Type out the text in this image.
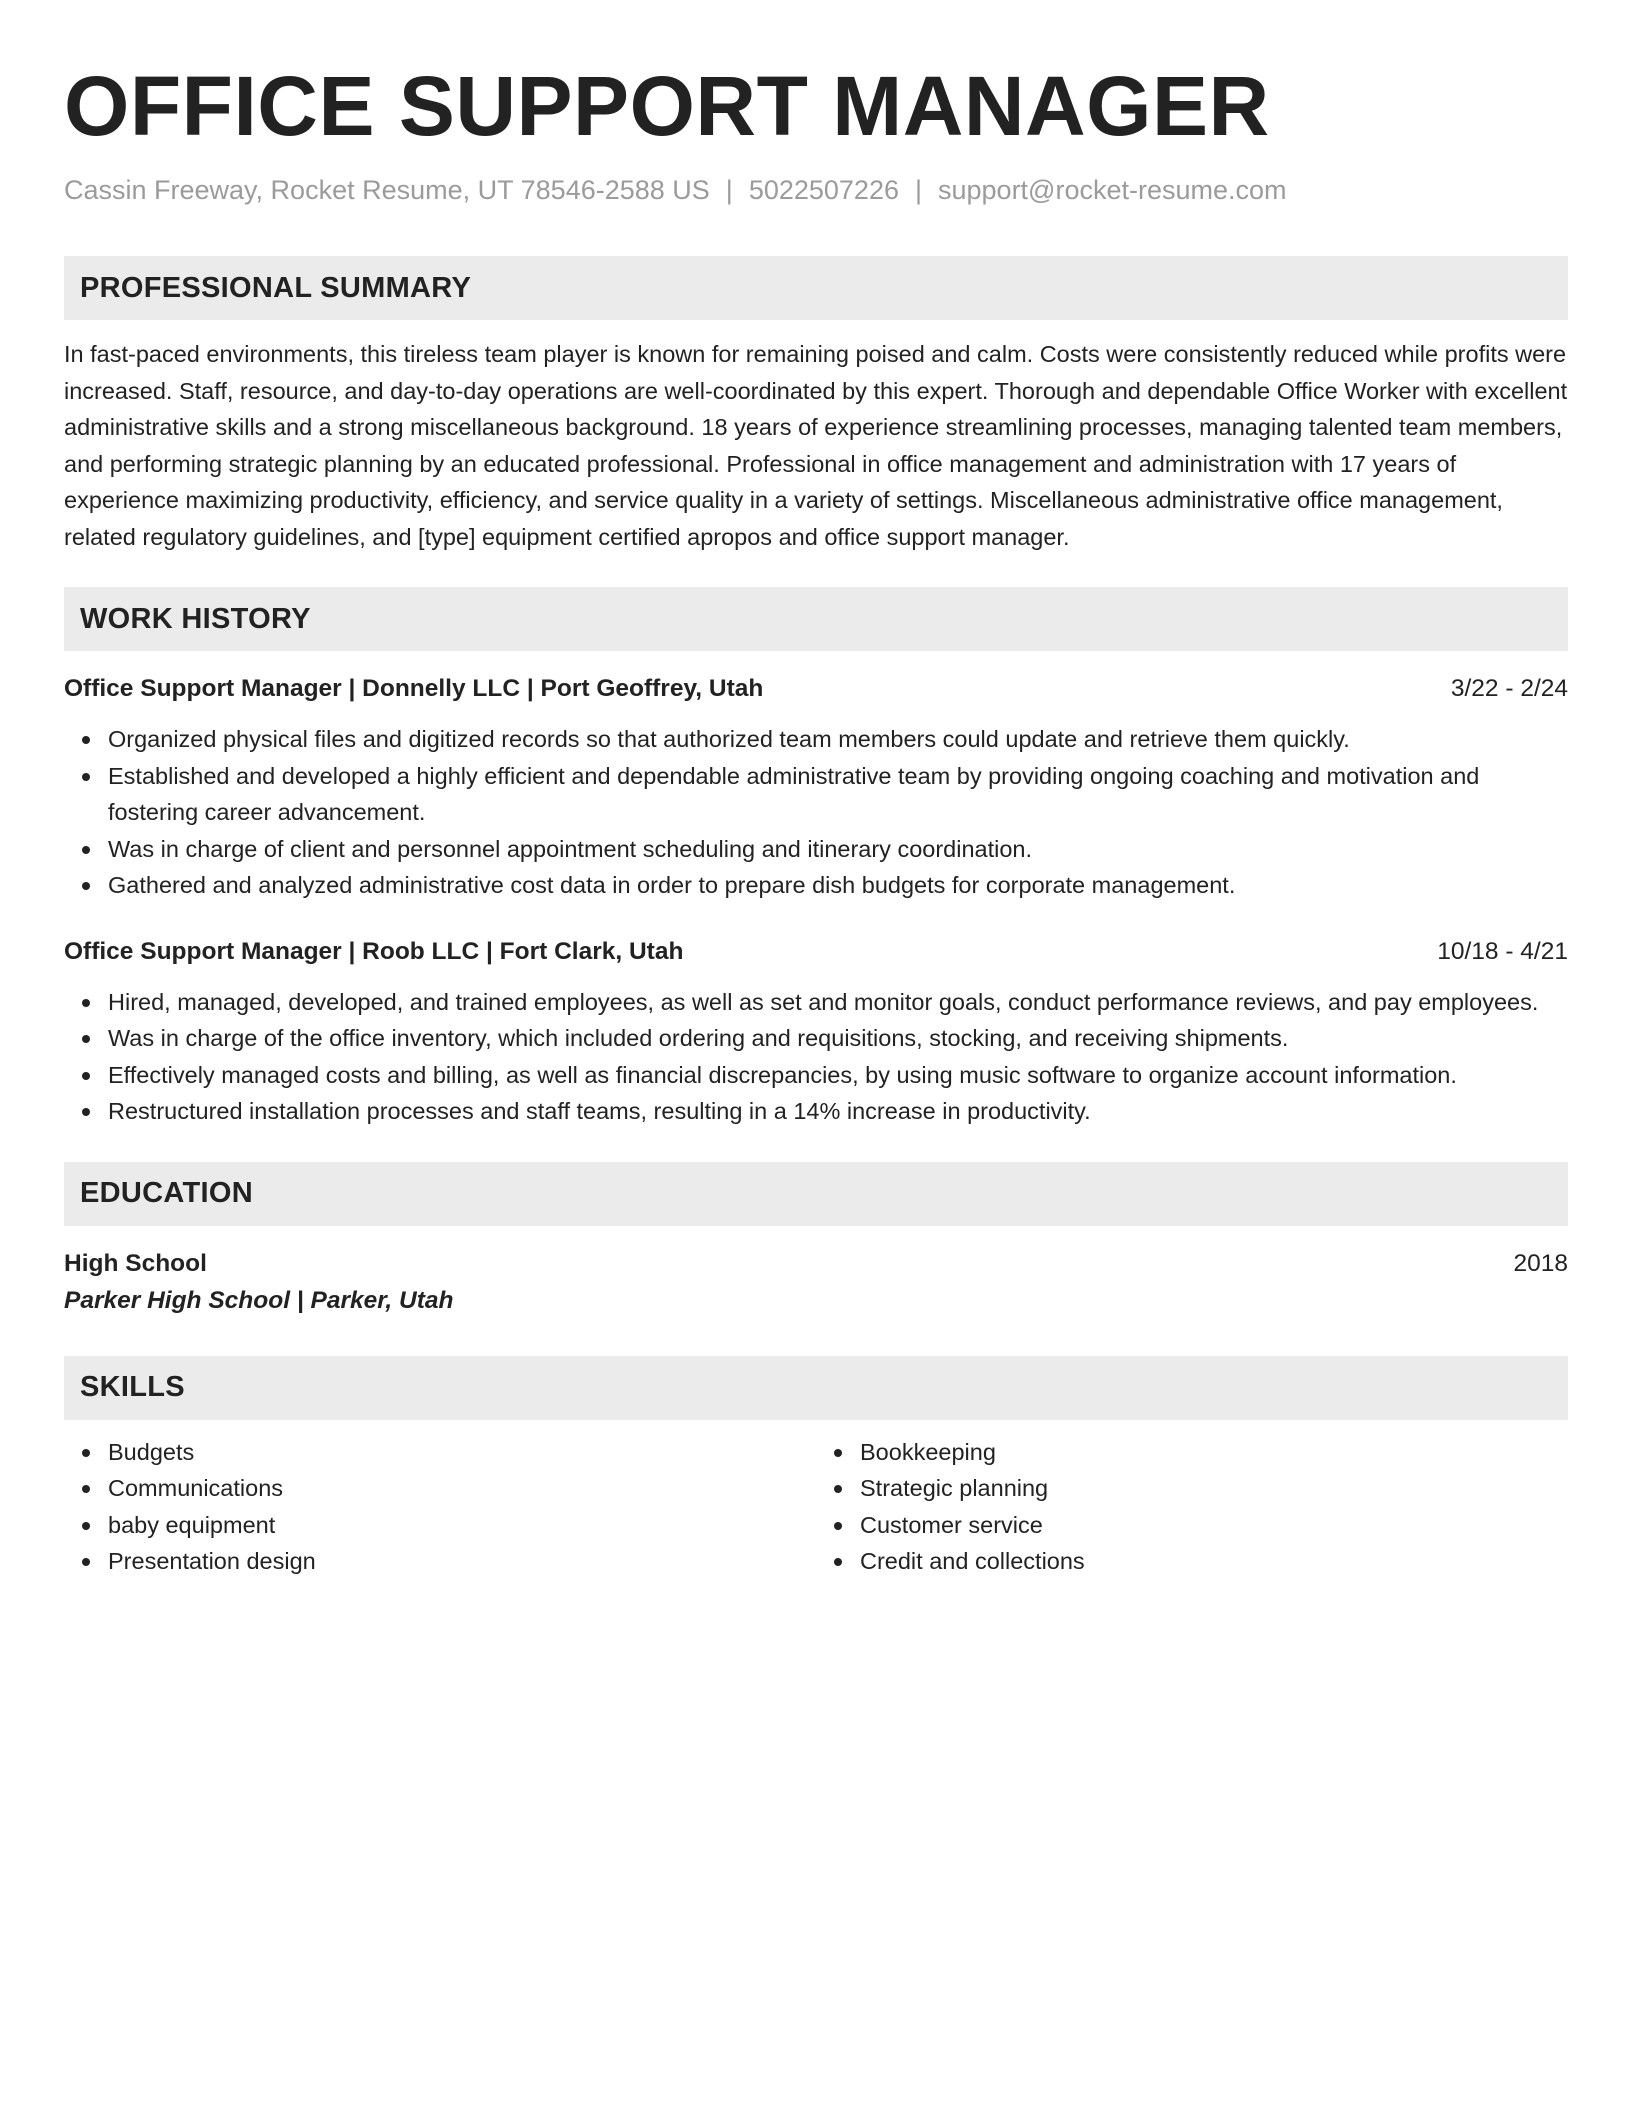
OFFICE SUPPORT MANAGER
Cassin Freeway, Rocket Resume, UT 78546-2588 US | 5022507226 | support@rocket-resume.com
PROFESSIONAL SUMMARY
In fast-paced environments, this tireless team player is known for remaining poised and calm. Costs were consistently reduced while profits were increased. Staff, resource, and day-to-day operations are well-coordinated by this expert. Thorough and dependable Office Worker with excellent administrative skills and a strong miscellaneous background. 18 years of experience streamlining processes, managing talented team members, and performing strategic planning by an educated professional. Professional in office management and administration with 17 years of experience maximizing productivity, efficiency, and service quality in a variety of settings. Miscellaneous administrative office management, related regulatory guidelines, and [type] equipment certified apropos and office support manager.
WORK HISTORY
Office Support Manager | Donnelly LLC | Port Geoffrey, Utah	3/22 - 2/24
Organized physical files and digitized records so that authorized team members could update and retrieve them quickly.
Established and developed a highly efficient and dependable administrative team by providing ongoing coaching and motivation and fostering career advancement.
Was in charge of client and personnel appointment scheduling and itinerary coordination.
Gathered and analyzed administrative cost data in order to prepare dish budgets for corporate management.
Office Support Manager | Roob LLC | Fort Clark, Utah	10/18 - 4/21
Hired, managed, developed, and trained employees, as well as set and monitor goals, conduct performance reviews, and pay employees.
Was in charge of the office inventory, which included ordering and requisitions, stocking, and receiving shipments.
Effectively managed costs and billing, as well as financial discrepancies, by using music software to organize account information.
Restructured installation processes and staff teams, resulting in a 14% increase in productivity.
EDUCATION
High School	2018
Parker High School | Parker, Utah
SKILLS
Budgets
Communications
baby equipment
Presentation design
Bookkeeping
Strategic planning
Customer service
Credit and collections
